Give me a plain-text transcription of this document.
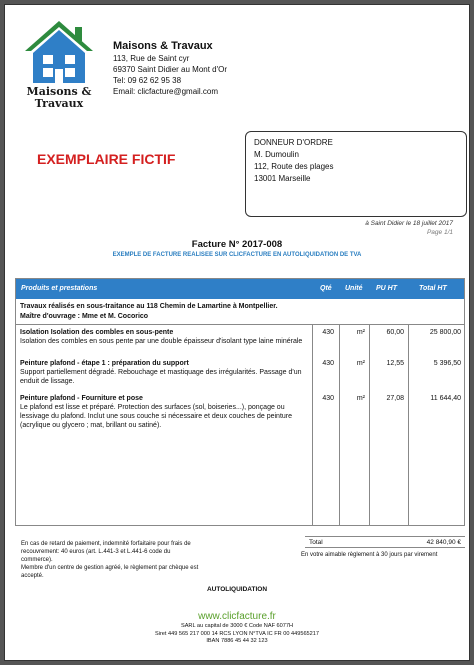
Maisons &
Travaux
Maisons & Travaux
113, Rue de Saint cyr
69370 Saint Didier au Mont d'Or
Tel: 09 62 62 95 38
Email: clicfacture@gmail.com
EXEMPLAIRE FICTIF
DONNEUR D'ORDRE
M. Dumoulin
112, Route des plages
13001 Marseille
à Saint Didier le 18 juillet 2017
Page 1/1
Facture N° 2017-008
EXEMPLE DE FACTURE REALISEE SUR CLICFACTURE EN AUTOLIQUIDATION DE TVA
Produits et prestations	Qté Unité PU HT	Total HT
Travaux réalisés en sous-traitance au 118 Chemin de Lamartine à Montpellier.
Maître d'ouvrage : Mme et M. Cocorico
Isolation Isolation des combles en sous-pente
Isolation des combles en sous pente par une double épaisseur d'isolant type laine minérale
430	m²	60,00	25 800,00
Peinture plafond - étape 1 : préparation du support
Support partiellement dégradé. Rebouchage et mastiquage des irrégularités. Passage d'un enduit de lissage.
430	m²	12,55	5 396,50
Peinture plafond - Fourniture et pose
Le plafond est lisse et préparé. Protection des surfaces (sol, boiseries...), ponçage ou lessivage du plafond. Inclut une sous couche si nécessaire et deux couches de peinture (acrylique ou glycero ; mat, brillant ou satiné).
430	m²	27,08	11 644,40
En cas de retard de paiement, indemnité forfaitaire pour frais de recouvrement: 40 euros (art. L.441-3 et L.441-6 code du commerce).
Membre d'un centre de gestion agréé, le règlement par chèque est accepté.
Total	42 840,90 €
En votre aimable règlement à 30 jours par virement
AUTOLIQUIDATION
www.clicfacture.fr
SARL au capital de 3000 € Code NAF 6077H
Siret 449 565 217 000 14 RCS LYON N°TVA IC FR 00 449565217
IBAN 7886 45 44 32 123
